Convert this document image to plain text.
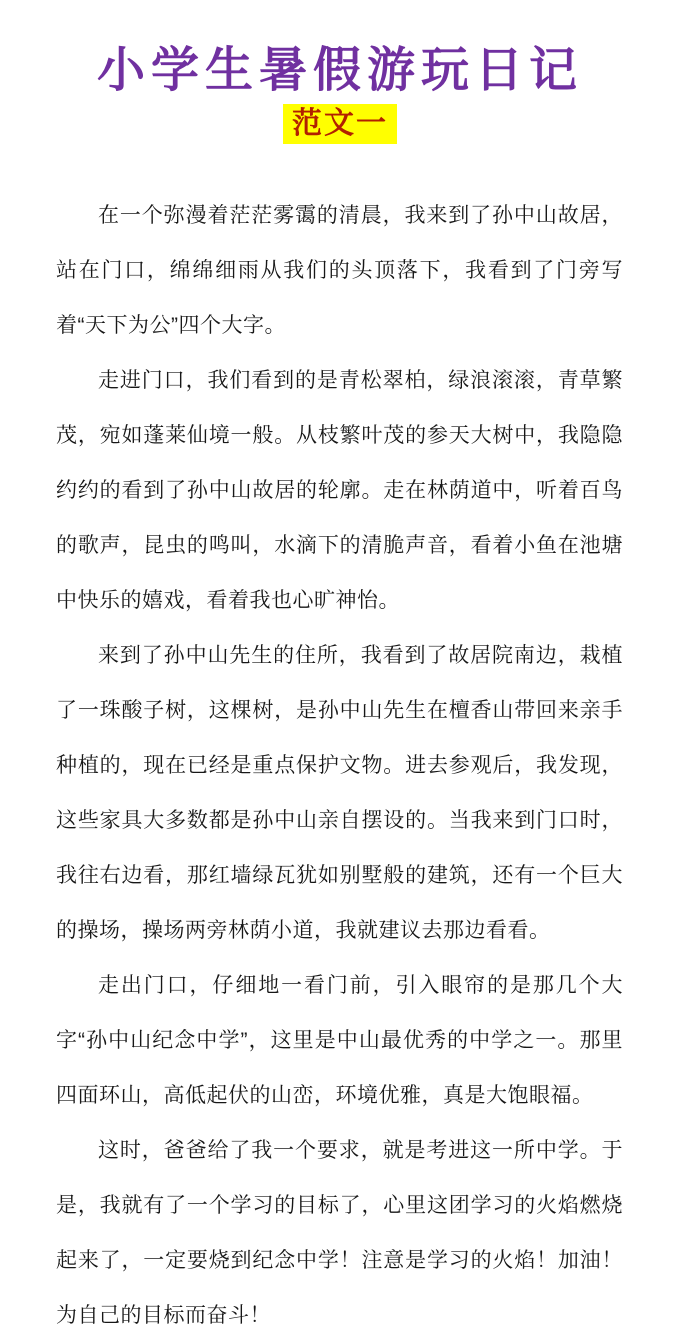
小学生暑假游玩日记
范文一

在一个弥漫着茫茫雾霭的清晨，我来到了孙中山故居，站在门口，绵绵细雨从我们的头顶落下，我看到了门旁写着“天下为公”四个大字。

走进门口，我们看到的是青松翠柏，绿浪滚滚，青草繁茂，宛如蓬莱仙境一般。从枝繁叶茂的参天大树中，我隐隐约约的看到了孙中山故居的轮廓。走在林荫道中，听着百鸟的歌声，昆虫的鸣叫，水滴下的清脆声音，看着小鱼在池塘中快乐的嬉戏，看着我也心旷神怡。

来到了孙中山先生的住所，我看到了故居院南边，栽植了一珠酸子树，这棵树，是孙中山先生在檀香山带回来亲手种植的，现在已经是重点保护文物。进去参观后，我发现，这些家具大多数都是孙中山亲自摆设的。当我来到门口时，我往右边看，那红墙绿瓦犹如别墅般的建筑，还有一个巨大的操场，操场两旁林荫小道，我就建议去那边看看。

走出门口，仔细地一看门前，引入眼帘的是那几个大字“孙中山纪念中学”，这里是中山最优秀的中学之一。那里四面环山，高低起伏的山峦，环境优雅，真是大饱眼福。

这时，爸爸给了我一个要求，就是考进这一所中学。于是，我就有了一个学习的目标了，心里这团学习的火焰燃烧起来了，一定要烧到纪念中学！注意是学习的火焰！加油！为自己的目标而奋斗！
